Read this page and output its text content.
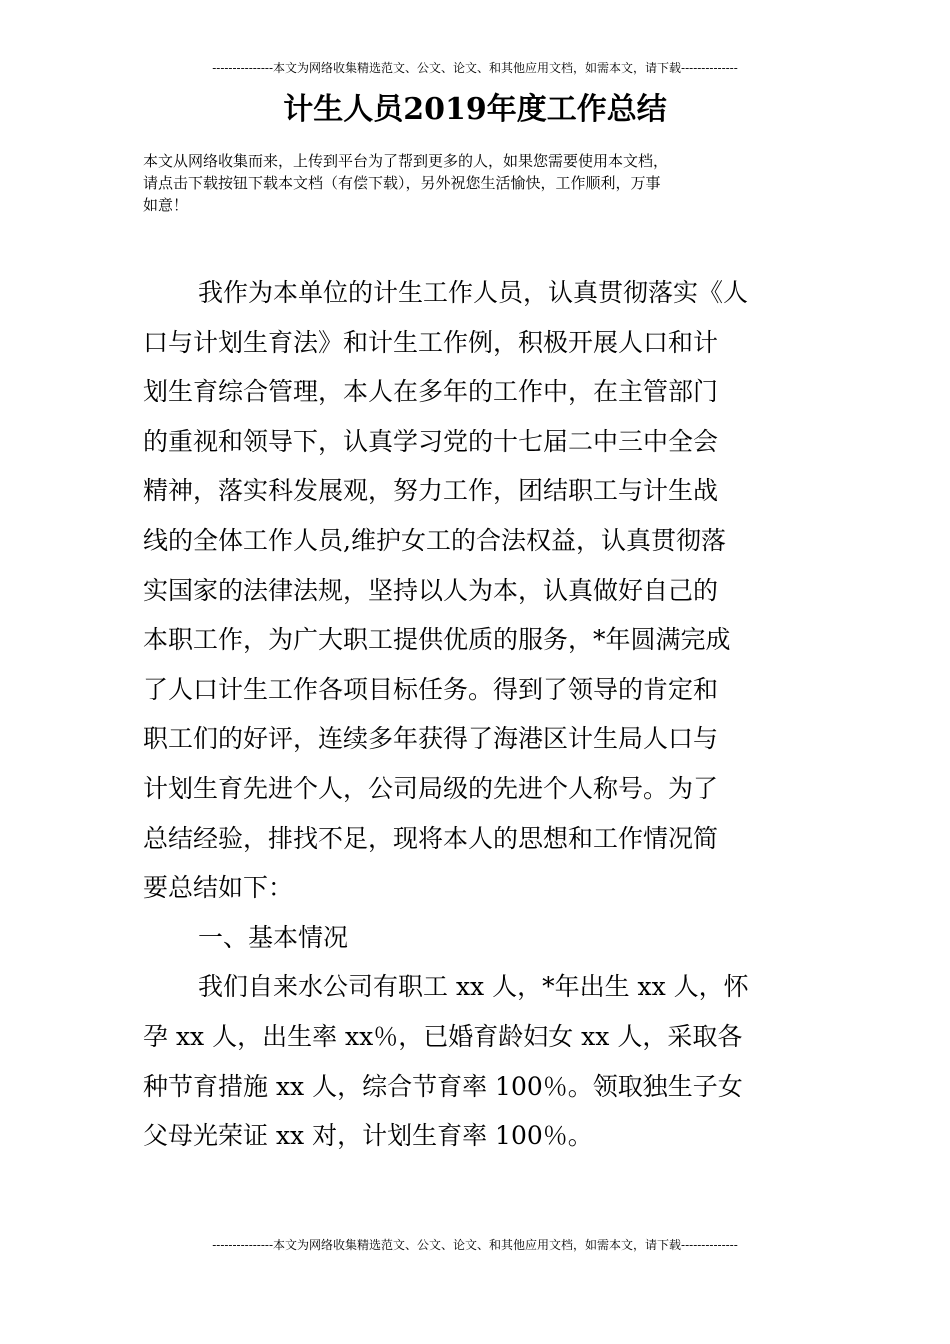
---------------本文为网络收集精选范文、公文、论文、和其他应用文档，如需本文，请下载--------------
计生人员2019年度工作总结
本文从网络收集而来，上传到平台为了帮到更多的人，如果您需要使用本文档，
请点击下载按钮下载本文档（有偿下载），另外祝您生活愉快，工作顺利，万事
如意！
我作为本单位的计生工作人员，认真贯彻落实《人
口与计划生育法》和计生工作例，积极开展人口和计
划生育综合管理，本人在多年的工作中，在主管部门
的重视和领导下，认真学习党的十七届二中三中全会
精神，落实科发展观，努力工作，团结职工与计生战
线的全体工作人员,维护女工的合法权益，认真贯彻落
实国家的法律法规，坚持以人为本，认真做好自己的
本职工作，为广大职工提供优质的服务，*年圆满完成
了人口计生工作各项目标任务。得到了领导的肯定和
职工们的好评，连续多年获得了海港区计生局人口与
计划生育先进个人，公司局级的先进个人称号。为了
总结经验，排找不足，现将本人的思想和工作情况简
要总结如下：
一、基本情况
我们自来水公司有职工 xx 人，*年出生 xx 人，怀
孕 xx 人，出生率 xx％，已婚育龄妇女 xx 人，采取各
种节育措施 xx 人，综合节育率 100％。领取独生子女
父母光荣证 xx 对，计划生育率 100％。
---------------本文为网络收集精选范文、公文、论文、和其他应用文档，如需本文，请下载--------------
